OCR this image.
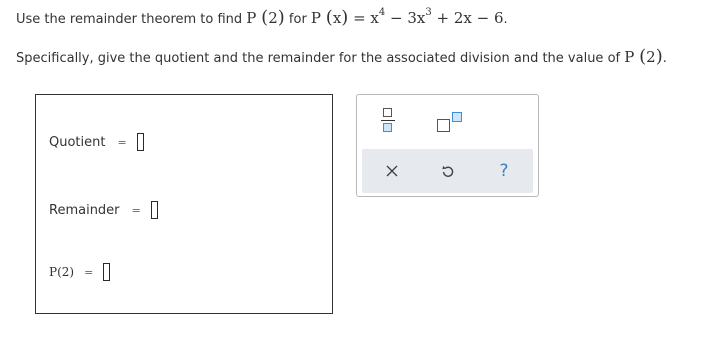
Use the remainder theorem to find P (2) for P $(x) = x^4 - 3x^3 + 2x - 6$.
Specifically, give the quotient and the remainder for the associated division and the value of P (2).
Quotient =
Remainder =
P(2) =
?
